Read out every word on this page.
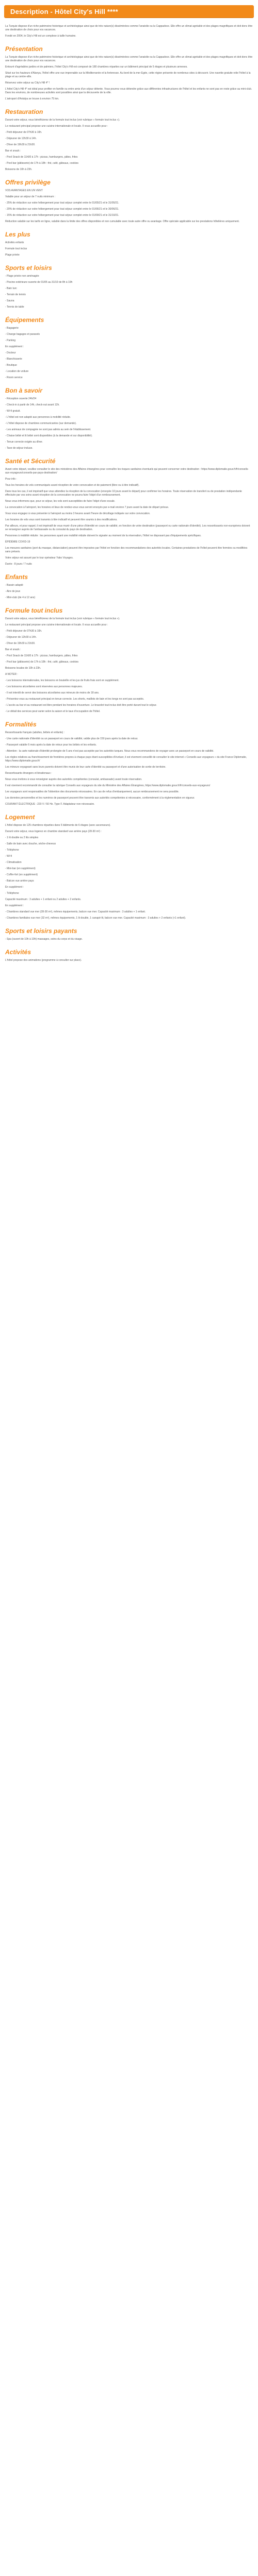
Description - Hôtel City's Hill ****

La Turquie dispose d'un riche patrimoine historique et archéologique ainsi que de très nature(s) disséminées comme l'anatolie ou la Cappadoce. Elle offre un climat agréable et des plages magnifiques et doit donc être une destination de choix pour vos vacances.

Fondé en 2004, le City's Hill est un complexe à taille humaine.

Présentation

La Turquie dispose d'un riche patrimoine historique et archéologique ainsi que de très nature(s) disséminées comme l'anatolie ou la Cappadoce. Elle offre un climat agréable et des plages magnifiques et doit donc être une destination de choix pour vos vacances.

Entouré d'agréables jardins et de palmiers, l'hôtel City's Hill est composé de 180 chambres réparties sur un bâtiment principal de 5 étages et plusieurs annexes.

Situé sur les hauteurs d'Alanya, l'hôtel offre une vue imprenable sur la Méditerranée et la forteresse. Au bord de la mer Egée, cette région présente de nombreux sites à découvrir. Une navette gratuite relie l'hôtel à la plage et au centre-ville.

Réservez votre séjour au City's Hill 4* !

L'hôtel City's Hill 4* est idéal pour profiter en famille ou entre amis d'un séjour détente. Vous pourrez vous détendre grâce aux différentes infrastructures de l'hôtel et les enfants ne sont pas en reste grâce au mini-club. Dans les environs, de nombreuses activités sont possibles ainsi que la découverte de la ville.

L'aéroport d'Antalya se trouve à environ 75 km.

Restauration

Durant votre séjour, vous bénéficierez de la formule tout inclus (voir rubrique « formule tout inclus »).

Le restaurant principal propose une cuisine internationale et locale. Il vous accueille pour :

- Petit déjeuner de 07h30 à 10h.

- Déjeuner de 12h30 à 14h.

- Dîner de 19h30 à 21h30.

Bar et snack :

- Pool Snack de 11h00 à 17h : pizzas, hamburgers, pâtes, frites

- Pool bar (pâtisserie) de 17h à 18h : thé, café, gâteaux, cookies

Boissons de 10h à 23h.

Offres privilège

VOS AVANTAGES EN UN VENT

Valable pour un séjour de 7 nuits minimum :

- 25% de réduction sur votre hébergement pour tout séjour complet entre le 01/05/21 et le 31/05/21.

- 20% de réduction sur votre hébergement pour tout séjour complet entre le 01/06/21 et le 30/06/21.

- 15% de réduction sur votre hébergement pour tout séjour complet entre le 01/09/21 et le 31/10/21.

Réduction valable sur les tarifs en ligne, valable dans la limite des offres disponibles et non cumulable avec toute autre offre ou avantage. Offre spéciale applicable sur les prestations hôtelières uniquement.

Les plus

Activités enfants

Formule tout inclus

Plage privée

Sports et loisirs

- Plage privée non aménagée

- Piscine extérieure ouverte de 01/05 au 31/10 de 8h à 19h

- Bain turc

- Terrain de tennis

- Sauna

- Tennis de table

Équipements

- Bagagerie

- Change bagages et parasols

- Parking

En supplément :

- Docteur

- Blanchisserie

- Boutique

- Location de voiture

- Room service

Bon à savoir

- Réception ouverte 24h/24

- Check-in à partir de 14h, check-out avant 12h.

- Wi-fi gratuit.

- L'hôtel est non adapté aux personnes à mobilité réduite.

- L'hôtel dispose de chambres communicantes (sur demande).

- Les animaux de compagnie ne sont pas admis au sein de l'établissement.

- Chaise bébé et lit bébé sont disponibles (à la demande et sur disponibilité).

- Tenue correcte exigée au dîner.

- Taxe de séjour incluse.

Santé et Sécurité

Avant votre départ, veuillez consulter le site des ministères des Affaires étrangères pour connaître les risques sanitaires éventuels qui peuvent concerner votre destination : https://www.diplomatie.gouv.fr/fr/conseils-aux-voyageurs/conseils-par-pays-destination/

Pour info :

Tous les horaires de vols communiqués avant réception de votre convocation et de paiement (libre ou à titre indicatif).

Dans tous les cas, il est impératif que vous attendiez la réception de la convocation (envoyée 10 jours avant le départ) pour confirmer les horaires. Toute réservation de transfert ou de prestation indépendante effectuée par vos soins avant réception de la convocation ne pourra faire l'objet d'un remboursement.

Nous vous informons que, pour ce séjour, les vols sont susceptibles de faire l'objet d'une escale.

La convocation à l'aéroport, les horaires et lieux de rendez-vous vous seront envoyés par e-mail environ 7 jours avant la date de départ prévue.

Vous vous engagez à vous présenter à l'aéroport au moins 3 heures avant l'heure de décollage indiquée sur votre convocation.

Les horaires de vols vous sont transmis à titre indicatif et peuvent être soumis à des modifications.

Par ailleurs, et pour rappel, il est impératif de vous munir d'une pièce d'identité en cours de validité, en fonction de votre destination (passeport ou carte nationale d'identité). Les ressortissants non-européens doivent se renseigner auprès de l'ambassade ou du consulat du pays de destination.

Personnes à mobilité réduite : les personnes ayant une mobilité réduite doivent le signaler au moment de la réservation, l'hôtel ne disposant pas d'équipements spécifiques.

ÉPIDÉMIE COVID-19

Les mesures sanitaires (port du masque, distanciation) peuvent être imposées par l'hôtel en fonction des recommandations des autorités locales. Certaines prestations de l'hôtel peuvent être fermées ou modifiées sans préavis.

Votre séjour est assuré par le tour opérateur Yako Voyages.

Durée : 8 jours / 7 nuits

Enfants

- Bassin adapté

- Aire de jeux

- Mini-club (de 4 à 12 ans)

Formule tout inclus

Durant votre séjour, vous bénéficierez de la formule tout inclus (voir rubrique « formule tout inclus »).

Le restaurant principal propose une cuisine internationale et locale. Il vous accueille pour :

- Petit déjeuner de 07h30 à 10h.

- Déjeuner de 12h30 à 14h.

- Dîner de 19h30 à 21h30.

Bar et snack :

- Pool Snack de 11h00 à 17h : pizzas, hamburgers, pâtes, frites

- Pool bar (pâtisserie) de 17h à 18h : thé, café, gâteaux, cookies

Boissons locales de 10h à 23h.

A NOTER :

- Les boissons internationales, les boissons en bouteille et les jus de fruits frais sont en supplément.

- Les boissons alcoolisées sont réservées aux personnes majeures.

- Il est interdit de servir des boissons alcoolisées aux mineurs de moins de 18 ans.

- Présentez-vous au restaurant principal en tenue correcte. Les shorts, maillots de bain et les tongs ne sont pas acceptés.

- L'accès au bar et au restaurant est libre pendant les horaires d'ouverture. Le bracelet tout inclus doit être porté durant tout le séjour.

- Le détail des services peut varier selon la saison et le taux d'occupation de l'hôtel.

Formalités

Ressortissants français (adultes, bébés et enfants) :

- Une carte nationale d'identité ou un passeport en cours de validité, valide plus de 150 jours après la date de retour.

- Passeport valable 6 mois après la date de retour pour les bébés et les enfants.

- Attention : la carte nationale d'identité prolongée de 5 ans n'est pas acceptée par les autorités turques. Nous vous recommandons de voyager avec un passeport en cours de validité.

Les règles relatives au franchissement de frontières propres à chaque pays étant susceptibles d'évoluer, il est vivement conseillé de consulter le site internet « Conseils aux voyageurs » du site France Diplomatie, https://www.diplomatie.gouv.fr/

Les mineurs voyageant sans leurs parents doivent être munis de leur carte d'identité ou passeport et d'une autorisation de sortie de territoire.

Ressortissants étrangers et binationaux :

Nous vous invitons à vous renseigner auprès des autorités compétentes (consulat, ambassade) avant toute réservation.

Il est vivement recommandé de consulter la rubrique Conseils aux voyageurs du site du Ministère des Affaires Étrangères, https://www.diplomatie.gouv.fr/fr/conseils-aux-voyageurs/

Les voyageurs sont responsables de l'obtention des documents nécessaires. En cas de refus d'embarquement, aucun remboursement ne sera possible.

Les données personnelles et les numéros de passeport peuvent être transmis aux autorités compétentes si nécessaire, conformément à la réglementation en vigueur.

COURANT ÉLECTRIQUE : 220 V / 50 Hz. Type F. Adaptateur non nécessaire.

Logement

L'hôtel dispose de 125 chambres réparties dans 5 bâtiments de 6 étages (avec ascenseurs).

Durant votre séjour, vous logerez en chambre standard vue arrière pays (28-30 m²) :

- 1 lit double ou 2 lits simples

- Salle de bain avec douche, sèche-cheveux

- Téléphone

- Wi-fi

- Climatisation

- Mini-bar (en supplément)

- Coffre-fort (en supplément)

- Balcon vue arrière pays

En supplément :

- Téléphone

Capacité maximum : 3 adultes + 1 enfant ou 2 adultes + 2 enfants.

En supplément :

- Chambres standard vue mer (28-30 m²), mêmes équipements, balcon vue mer. Capacité maximum : 3 adultes + 1 enfant.

- Chambres familiales vue mer (32 m²), mêmes équipements, 1 lit double, 1 canapé-lit, balcon vue mer. Capacité maximum : 3 adultes + 2 enfants (+1 enfant).

Sports et loisirs payants

- Spa (ouvert de 10h à 19h) massages, soins du corps et du visage.

Activités

L'hôtel propose des animations (programme à consulter sur place).
